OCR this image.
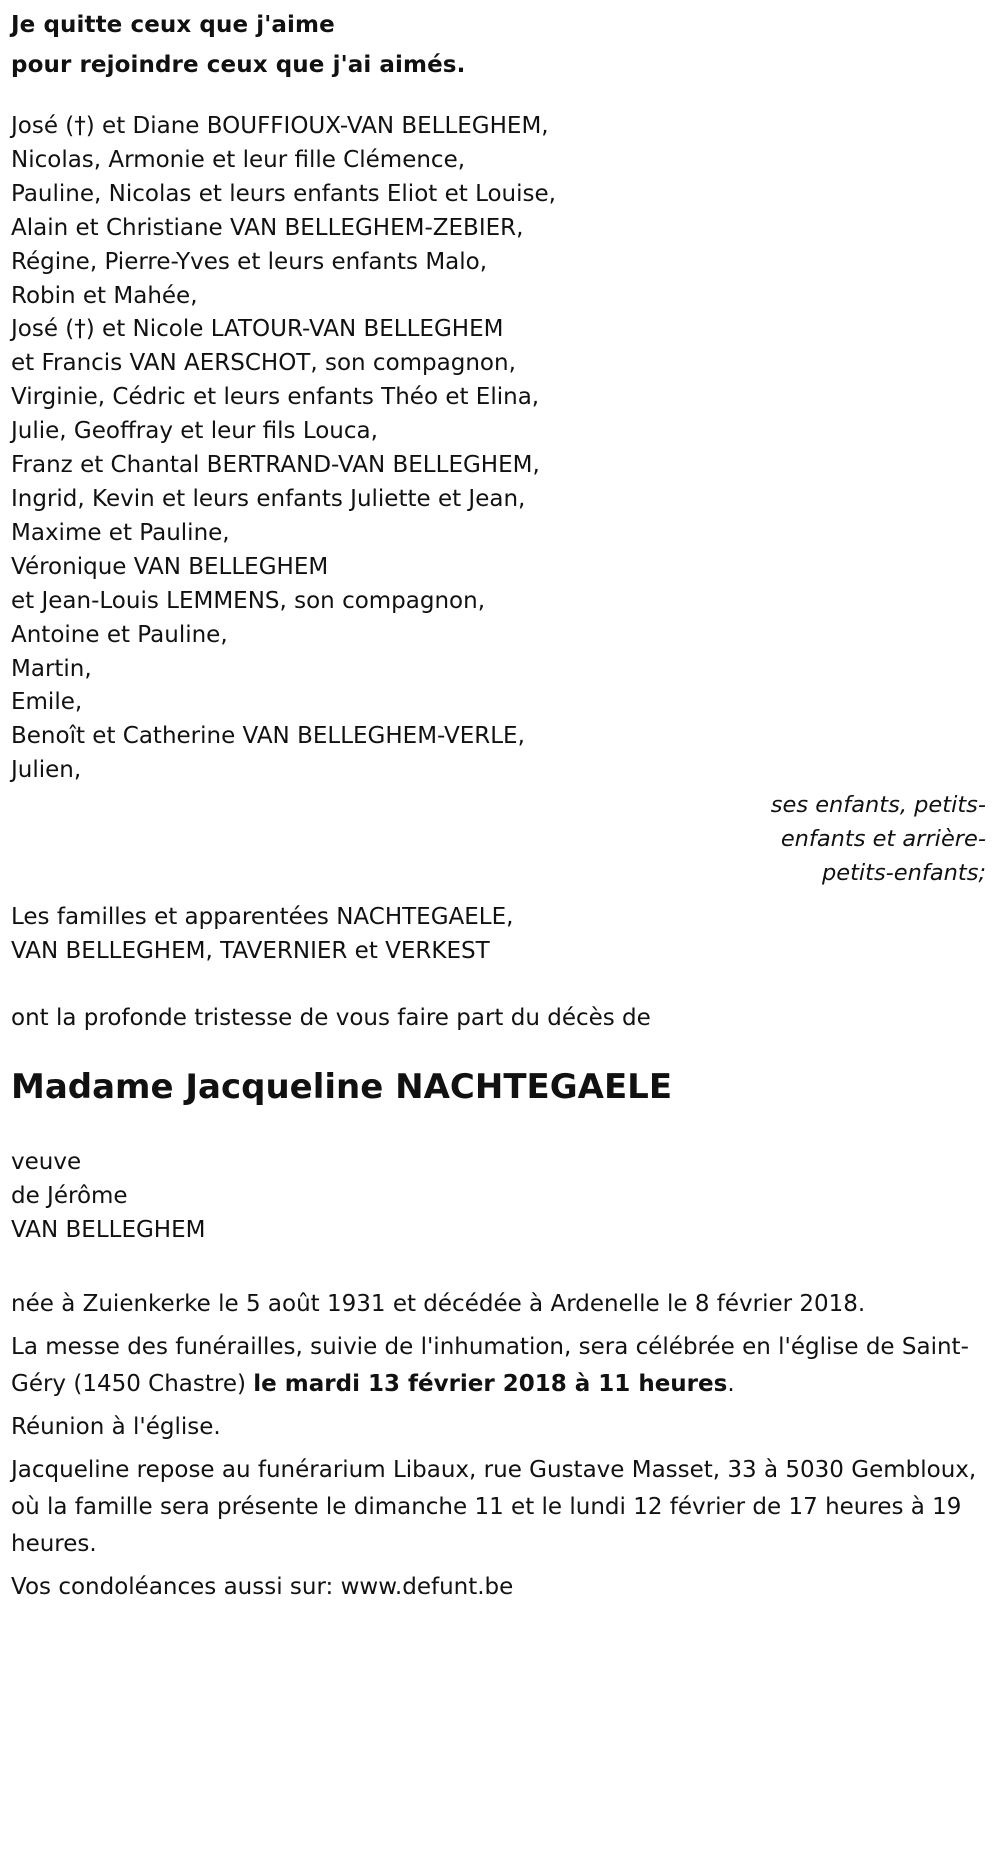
Je quitte ceux que j'aime
pour rejoindre ceux que j'ai aimés.
José (†) et Diane BOUFFIOUX-VAN BELLEGHEM,
Nicolas, Armonie et leur fille Clémence,
Pauline, Nicolas et leurs enfants Eliot et Louise,
Alain et Christiane VAN BELLEGHEM-ZEBIER,
Régine, Pierre-Yves et leurs enfants Malo,
Robin et Mahée,
José (†) et Nicole LATOUR-VAN BELLEGHEM
et Francis VAN AERSCHOT, son compagnon,
Virginie, Cédric et leurs enfants Théo et Elina,
Julie, Geoffray et leur fils Louca,
Franz et Chantal BERTRAND-VAN BELLEGHEM,
Ingrid, Kevin et leurs enfants Juliette et Jean,
Maxime et Pauline,
Véronique VAN BELLEGHEM
et Jean-Louis LEMMENS, son compagnon,
Antoine et Pauline,
Martin,
Emile,
Benoît et Catherine VAN BELLEGHEM-VERLE,
Julien,
ses enfants, petits-
enfants et arrière-
petits-enfants;
Les familles et apparentées NACHTEGAELE,
VAN BELLEGHEM, TAVERNIER et VERKEST
ont la profonde tristesse de vous faire part du décès de
Madame Jacqueline NACHTEGAELE
veuve
de Jérôme
VAN BELLEGHEM
née à Zuienkerke le 5 août 1931 et décédée à Ardenelle le 8 février 2018.
La messe des funérailles, suivie de l'inhumation, sera célébrée en l'église de Saint-Géry (1450 Chastre) le mardi 13 février 2018 à 11 heures.
Réunion à l'église.
Jacqueline repose au funérarium Libaux, rue Gustave Masset, 33 à 5030 Gembloux, où la famille sera présente le dimanche 11 et le lundi 12 février de 17 heures à 19 heures.
Vos condoléances aussi sur: www.defunt.be
